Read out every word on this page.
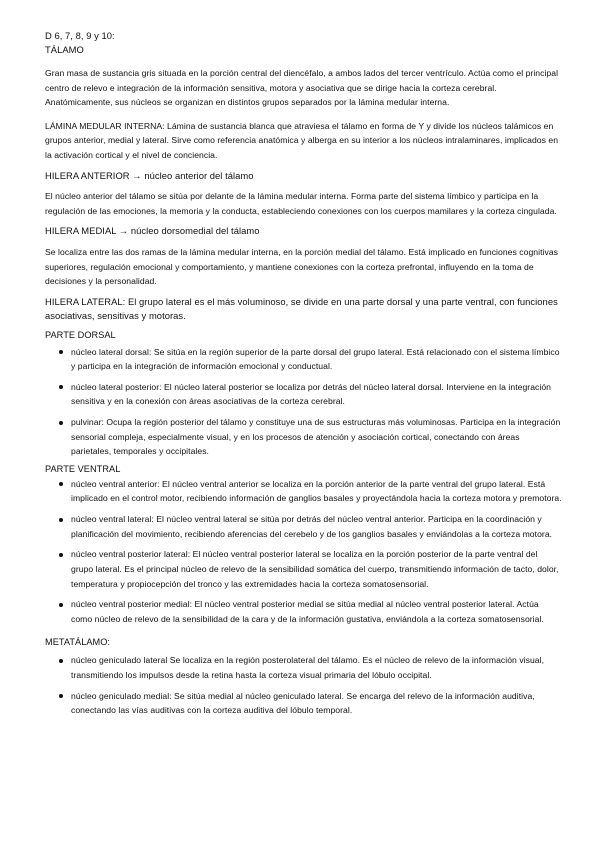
D 6, 7, 8, 9 y 10:
TÁLAMO

Gran masa de sustancia gris situada en la porción central del diencéfalo, a ambos lados del tercer ventrículo. Actúa como el principal centro de relevo e integración de la información sensitiva, motora y asociativa que se dirige hacia la corteza cerebral. Anatómicamente, sus núcleos se organizan en distintos grupos separados por la lámina medular interna.

LÁMINA MEDULAR INTERNA: Lámina de sustancia blanca que atraviesa el tálamo en forma de Y y divide los núcleos talámicos en grupos anterior, medial y lateral. Sirve como referencia anatómica y alberga en su interior a los núcleos intralaminares, implicados en la activación cortical y el nivel de conciencia.

HILERA ANTERIOR → núcleo anterior del tálamo

El núcleo anterior del tálamo se sitúa por delante de la lámina medular interna. Forma parte del sistema límbico y participa en la regulación de las emociones, la memoria y la conducta, estableciendo conexiones con los cuerpos mamilares y la corteza cingulada.

HILERA MEDIAL → núcleo dorsomedial del tálamo

Se localiza entre las dos ramas de la lámina medular interna, en la porción medial del tálamo. Está implicado en funciones cognitivas superiores, regulación emocional y comportamiento, y mantiene conexiones con la corteza prefrontal, influyendo en la toma de decisiones y la personalidad.

HILERA LATERAL: El grupo lateral es el más voluminoso, se divide en una parte dorsal y una parte ventral, con funciones asociativas, sensitivas y motoras.

PARTE DORSAL
núcleo lateral dorsal: Se sitúa en la región superior de la parte dorsal del grupo lateral. Está relacionado con el sistema límbico y participa en la integración de información emocional y conductual.
núcleo lateral posterior: El núcleo lateral posterior se localiza por detrás del núcleo lateral dorsal. Interviene en la integración sensitiva y en la conexión con áreas asociativas de la corteza cerebral.
pulvinar: Ocupa la región posterior del tálamo y constituye una de sus estructuras más voluminosas. Participa en la integración sensorial compleja, especialmente visual, y en los procesos de atención y asociación cortical, conectando con áreas parietales, temporales y occipitales.
PARTE VENTRAL
núcleo ventral anterior: El núcleo ventral anterior se localiza en la porción anterior de la parte ventral del grupo lateral. Está implicado en el control motor, recibiendo información de ganglios basales y proyectándola hacia la corteza motora y premotora.
núcleo ventral lateral: El núcleo ventral lateral se sitúa por detrás del núcleo ventral anterior. Participa en la coordinación y planificación del movimiento, recibiendo aferencias del cerebelo y de los ganglios basales y enviándolas a la corteza motora.
núcleo ventral posterior lateral: El núcleo ventral posterior lateral se localiza en la porción posterior de la parte ventral del grupo lateral. Es el principal núcleo de relevo de la sensibilidad somática del cuerpo, transmitiendo información de tacto, dolor, temperatura y propiocepción del tronco y las extremidades hacia la corteza somatosensorial.
núcleo ventral posterior medial: El núcleo ventral posterior medial se sitúa medial al núcleo ventral posterior lateral. Actúa como núcleo de relevo de la sensibilidad de la cara y de la información gustativa, enviándola a la corteza somatosensorial.
METATÁLAMO:
núcleo geniculado lateral Se localiza en la región posterolateral del tálamo. Es el núcleo de relevo de la información visual, transmitiendo los impulsos desde la retina hasta la corteza visual primaria del lóbulo occipital.
núcleo geniculado medial: Se sitúa medial al núcleo geniculado lateral. Se encarga del relevo de la información auditiva, conectando las vías auditivas con la corteza auditiva del lóbulo temporal.
